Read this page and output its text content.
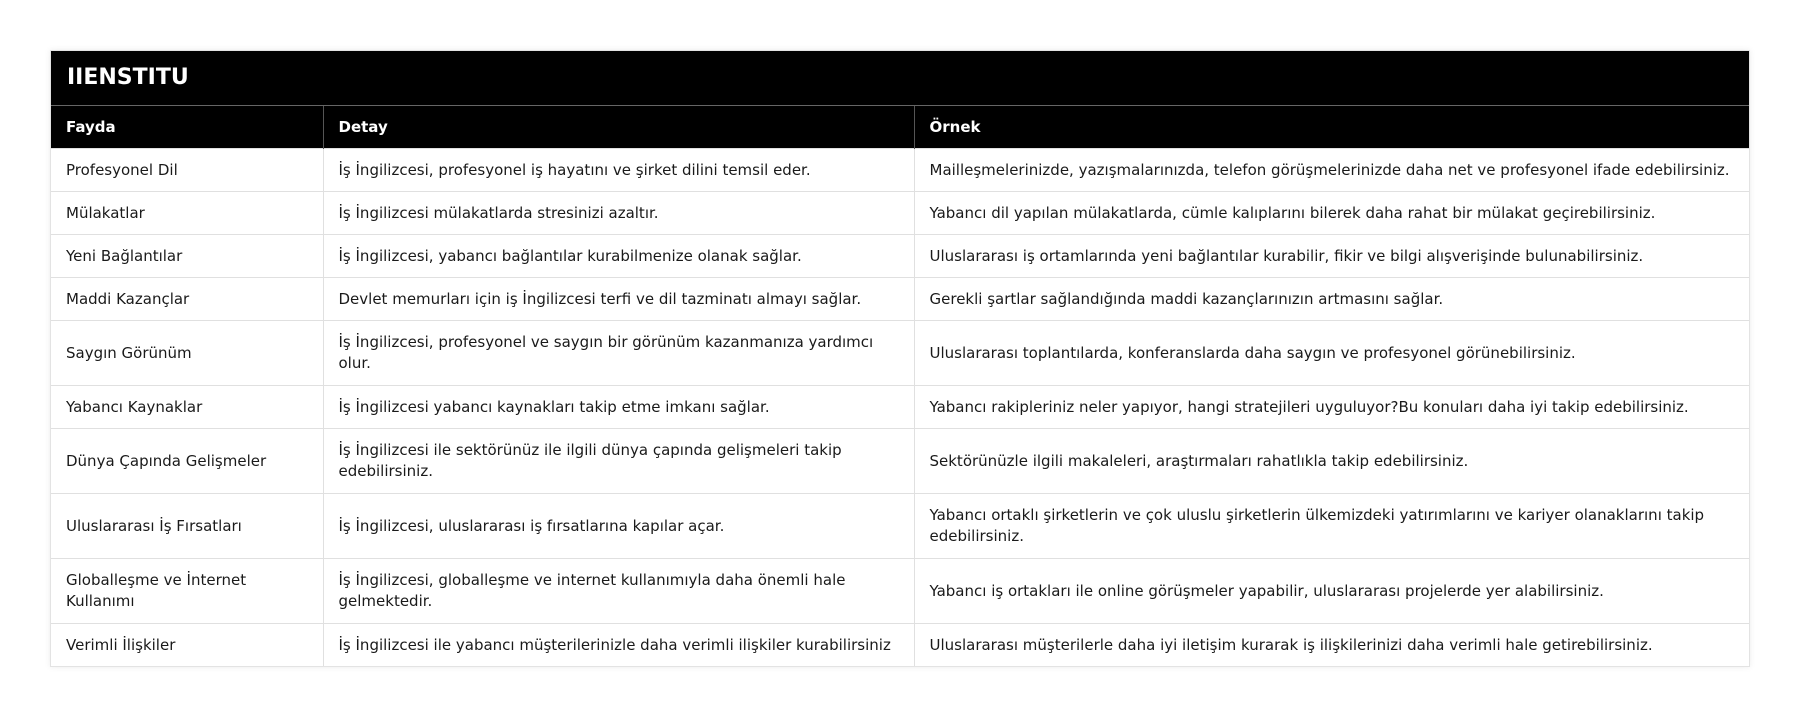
IIENSTITU
Fayda	Detay	Örnek
Profesyonel Dil	İş İngilizcesi, profesyonel iş hayatını ve şirket dilini temsil eder.	Mailleşmelerinizde, yazışmalarınızda, telefon görüşmelerinizde daha net ve profesyonel ifade edebilirsiniz.
Mülakatlar	İş İngilizcesi mülakatlarda stresinizi azaltır.	Yabancı dil yapılan mülakatlarda, cümle kalıplarını bilerek daha rahat bir mülakat geçirebilirsiniz.
Yeni Bağlantılar	İş İngilizcesi, yabancı bağlantılar kurabilmenize olanak sağlar.	Uluslararası iş ortamlarında yeni bağlantılar kurabilir, fikir ve bilgi alışverişinde bulunabilirsiniz.
Maddi Kazançlar	Devlet memurları için iş İngilizcesi terfi ve dil tazminatı almayı sağlar.	Gerekli şartlar sağlandığında maddi kazançlarınızın artmasını sağlar.
Saygın Görünüm	İş İngilizcesi, profesyonel ve saygın bir görünüm kazanmanıza yardımcı olur.	Uluslararası toplantılarda, konferanslarda daha saygın ve profesyonel görünebilirsiniz.
Yabancı Kaynaklar	İş İngilizcesi yabancı kaynakları takip etme imkanı sağlar.	Yabancı rakipleriniz neler yapıyor, hangi stratejileri uyguluyor?Bu konuları daha iyi takip edebilirsiniz.
Dünya Çapında Gelişmeler	İş İngilizcesi ile sektörünüz ile ilgili dünya çapında gelişmeleri takip edebilirsiniz.	Sektörünüzle ilgili makaleleri, araştırmaları rahatlıkla takip edebilirsiniz.
Uluslararası İş Fırsatları	İş İngilizcesi, uluslararası iş fırsatlarına kapılar açar.	Yabancı ortaklı şirketlerin ve çok uluslu şirketlerin ülkemizdeki yatırımlarını ve kariyer olanaklarını takip edebilirsiniz.
Globalleşme ve İnternet Kullanımı	İş İngilizcesi, globalleşme ve internet kullanımıyla daha önemli hale gelmektedir.	Yabancı iş ortakları ile online görüşmeler yapabilir, uluslararası projelerde yer alabilirsiniz.
Verimli İlişkiler	İş İngilizcesi ile yabancı müşterilerinizle daha verimli ilişkiler kurabilirsiniz	Uluslararası müşterilerle daha iyi iletişim kurarak iş ilişkilerinizi daha verimli hale getirebilirsiniz.
